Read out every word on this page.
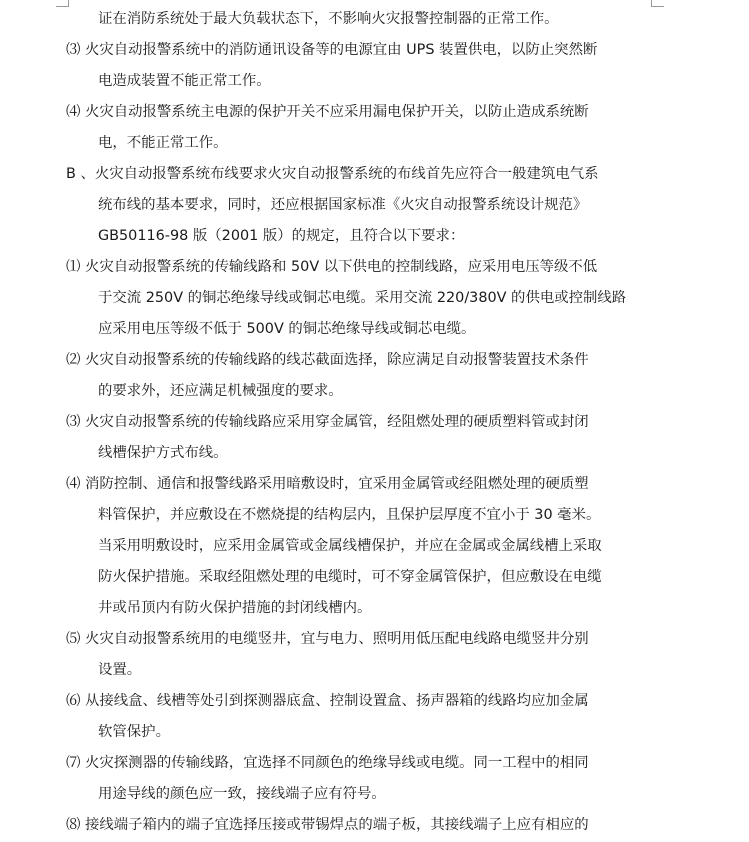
证在消防系统处于最大负载状态下，不影响火灾报警控制器的正常工作。
⑶ 火灾自动报警系统中的消防通讯设备等的电源宜由 UPS 装置供电，以防止突然断
电造成装置不能正常工作。
⑷ 火灾自动报警系统主电源的保护开关不应采用漏电保护开关，以防止造成系统断
电，不能正常工作。
B 、火灾自动报警系统布线要求火灾自动报警系统的布线首先应符合一般建筑电气系
统布线的基本要求，同时，还应根据国家标准《火灾自动报警系统设计规范》
GB50116-98 版（2001 版）的规定，且符合以下要求：
⑴ 火灾自动报警系统的传输线路和 50V 以下供电的控制线路，应采用电压等级不低
于交流 250V 的铜芯绝缘导线或铜芯电缆。采用交流 220/380V 的供电或控制线路
应采用电压等级不低于 500V 的铜芯绝缘导线或铜芯电缆。
⑵ 火灾自动报警系统的传输线路的线芯截面选择，除应满足自动报警装置技术条件
的要求外，还应满足机械强度的要求。
⑶ 火灾自动报警系统的传输线路应采用穿金属管，经阻燃处理的硬质塑料管或封闭
线槽保护方式布线。
⑷ 消防控制、通信和报警线路采用暗敷设时，宜采用金属管或经阻燃处理的硬质塑
料管保护，并应敷设在不燃烧提的结构层内，且保护层厚度不宜小于 30 毫米。
当采用明敷设时，应采用金属管或金属线槽保护，并应在金属或金属线槽上采取
防火保护措施。采取经阻燃处理的电缆时，可不穿金属管保护，但应敷设在电缆
井或吊顶内有防火保护措施的封闭线槽内。
⑸ 火灾自动报警系统用的电缆竖井，宜与电力、照明用低压配电线路电缆竖井分别
设置。
⑹ 从接线盒、线槽等处引到探测器底盒、控制设置盒、扬声器箱的线路均应加金属
软管保护。
⑺ 火灾探测器的传输线路，宜选择不同颜色的绝缘导线或电缆。同一工程中的相同
用途导线的颜色应一致，接线端子应有符号。
⑻ 接线端子箱内的端子宜选择压接或带锡焊点的端子板，其接线端子上应有相应的
